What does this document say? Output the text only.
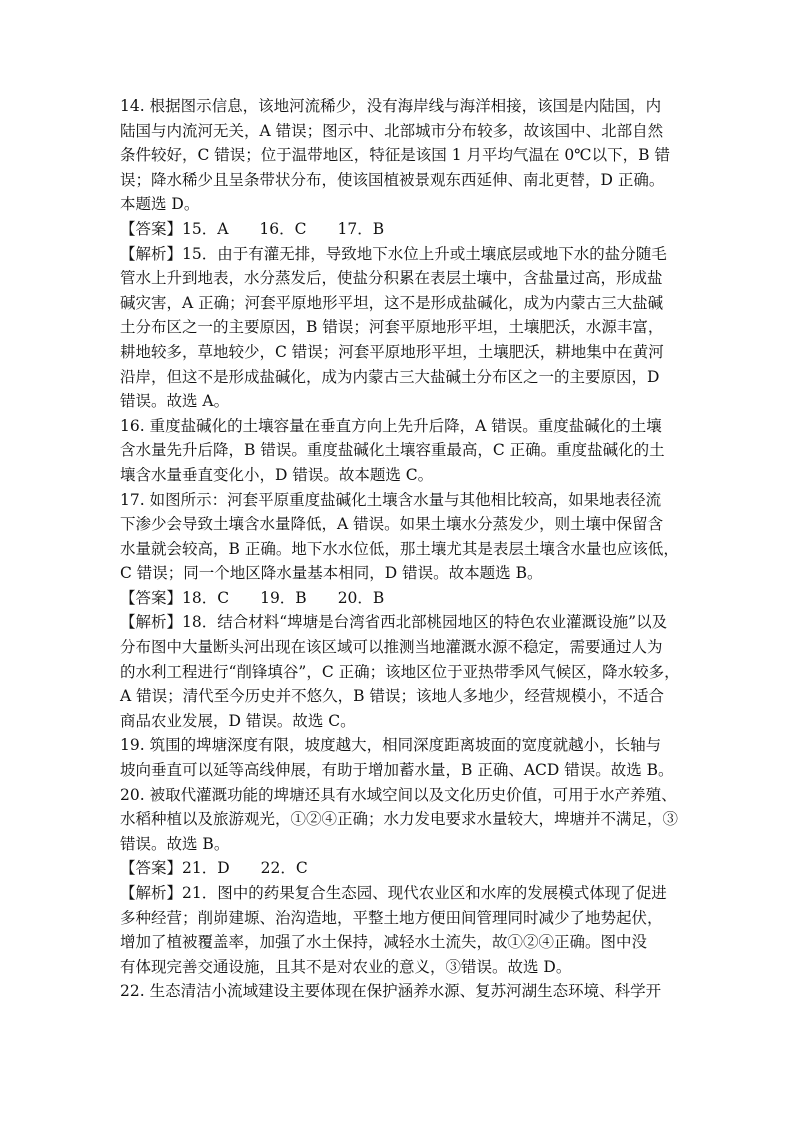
14. 根据图示信息，该地河流稀少，没有海岸线与海洋相接，该国是内陆国，内
陆国与内流河无关，A 错误；图示中、北部城市分布较多，故该国中、北部自然
条件较好，C 错误；位于温带地区，特征是该国 1 月平均气温在 0℃以下，B 错
误；降水稀少且呈条带状分布，使该国植被景观东西延伸、南北更替，D 正确。
本题选 D。
【答案】15．A　　16．C　　17．B
【解析】15．由于有灌无排，导致地下水位上升或土壤底层或地下水的盐分随毛
管水上升到地表，水分蒸发后，使盐分积累在表层土壤中，含盐量过高，形成盐
碱灾害，A 正确；河套平原地形平坦，这不是形成盐碱化，成为内蒙古三大盐碱
土分布区之一的主要原因，B 错误；河套平原地形平坦，土壤肥沃，水源丰富，
耕地较多，草地较少，C 错误；河套平原地形平坦，土壤肥沃，耕地集中在黄河
沿岸，但这不是形成盐碱化，成为内蒙古三大盐碱土分布区之一的主要原因，D
错误。故选 A。
16. 重度盐碱化的土壤容量在垂直方向上先升后降，A 错误。重度盐碱化的土壤
含水量先升后降，B 错误。重度盐碱化土壤容重最高，C 正确。重度盐碱化的土
壤含水量垂直变化小，D 错误。故本题选 C。
17. 如图所示：河套平原重度盐碱化土壤含水量与其他相比较高，如果地表径流
下渗少会导致土壤含水量降低，A 错误。如果土壤水分蒸发少，则土壤中保留含
水量就会较高，B 正确。地下水水位低，那土壤尤其是表层土壤含水量也应该低，
C 错误；同一个地区降水量基本相同，D 错误。故本题选 B。
【答案】18．C　　19．B　　20．B
【解析】18．结合材料“埤塘是台湾省西北部桃园地区的特色农业灌溉设施”以及
分布图中大量断头河出现在该区域可以推测当地灌溉水源不稳定，需要通过人为
的水利工程进行“削锋填谷”，C 正确；该地区位于亚热带季风气候区，降水较多，
A 错误；清代至今历史并不悠久，B 错误；该地人多地少，经营规模小，不适合
商品农业发展，D 错误。故选 C。
19. 筑围的埤塘深度有限，坡度越大，相同深度距离坡面的宽度就越小，长轴与
坡向垂直可以延等高线伸展，有助于增加蓄水量，B 正确、ACD 错误。故选 B。
20. 被取代灌溉功能的埤塘还具有水域空间以及文化历史价值，可用于水产养殖、
水稻种植以及旅游观光，①②④正确；水力发电要求水量较大，埤塘并不满足，③
错误。故选 B。
【答案】21．D　　22．C
【解析】21．图中的药果复合生态园、现代农业区和水库的发展模式体现了促进
多种经营；削峁建塬、治沟造地，平整土地方便田间管理同时减少了地势起伏，
增加了植被覆盖率，加强了水土保持，减轻水土流失，故①②④正确。图中没
有体现完善交通设施，且其不是对农业的意义，③错误。故选 D。
22. 生态清洁小流域建设主要体现在保护涵养水源、复苏河湖生态环境、科学开
